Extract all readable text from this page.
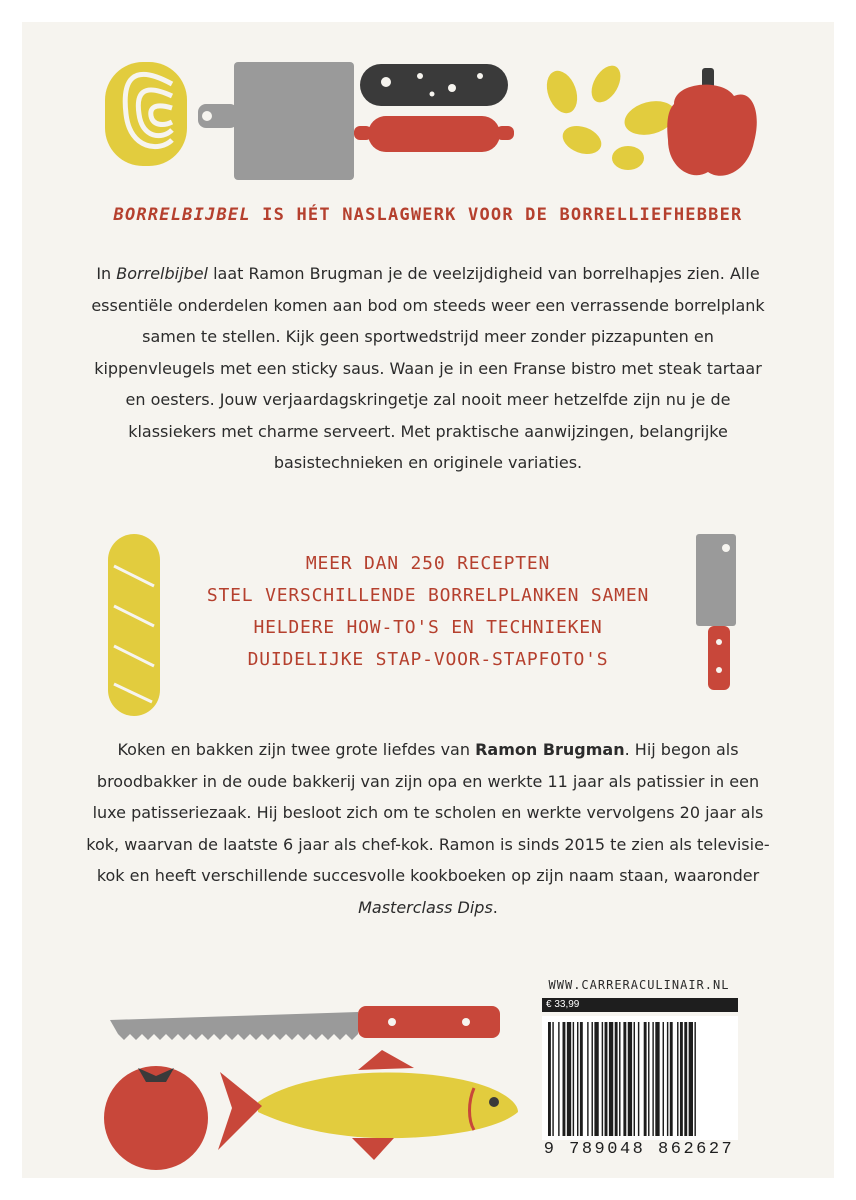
BORRELBIJBEL IS HÉT NASLAGWERK VOOR DE BORRELLIEFHEBBER

In Borrelbijbel laat Ramon Brugman je de veelzijdigheid van borrelhapjes zien. Alle essentiële onderdelen komen aan bod om steeds weer een verrassende borrelplank samen te stellen. Kijk geen sportwedstrijd meer zonder pizzapunten en kippenvleugels met een sticky saus. Waan je in een Franse bistro met steak tartaar en oesters. Jouw verjaardagskringetje zal nooit meer hetzelfde zijn nu je de klassiekers met charme serveert. Met praktische aanwijzingen, belangrijke basistechnieken en originele variaties.

MEER DAN 250 RECEPTEN
STEL VERSCHILLENDE BORRELPLANKEN SAMEN
HELDERE HOW-TO'S EN TECHNIEKEN
DUIDELIJKE STAP-VOOR-STAPFOTO'S

Koken en bakken zijn twee grote liefdes van Ramon Brugman. Hij begon als broodbakker in de oude bakkerij van zijn opa en werkte 11 jaar als patissier in een luxe patisseriezaak. Hij besloot zich om te scholen en werkte vervolgens 20 jaar als kok, waarvan de laatste 6 jaar als chef-kok. Ramon is sinds 2015 te zien als televisie-kok en heeft verschillende succesvolle kookboeken op zijn naam staan, waaronder Masterclass Dips.

WWW.CARRERACULINAIR.NL
€ 33,99
9 789048 862627
